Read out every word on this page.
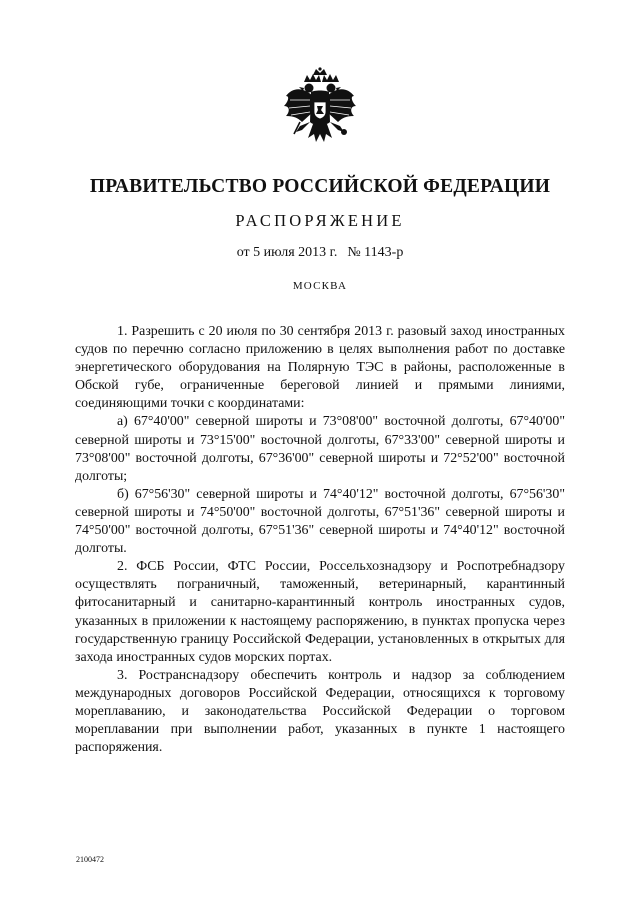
ПРАВИТЕЛЬСТВО РОССИЙСКОЙ ФЕДЕРАЦИИ
РАСПОРЯЖЕНИЕ
от 5 июля 2013 г. № 1143-р
МОСКВА

1. Разрешить с 20 июля по 30 сентября 2013 г. разовый заход иностранных судов по перечню согласно приложению в целях выполнения работ по доставке энергетического оборудования на Полярную ТЭС в районы, расположенные в Обской губе, ограниченные береговой линией и прямыми линиями, соединяющими точки с координатами:

а) 67°40'00" северной широты и 73°08'00" восточной долготы, 67°40'00" северной широты и 73°15'00" восточной долготы, 67°33'00" северной широты и 73°08'00" восточной долготы, 67°36'00" северной широты и 72°52'00" восточной долготы;

б) 67°56'30" северной широты и 74°40'12" восточной долготы, 67°56'30" северной широты и 74°50'00" восточной долготы, 67°51'36" северной широты и 74°50'00" восточной долготы, 67°51'36" северной широты и 74°40'12" восточной долготы.

2. ФСБ России, ФТС России, Россельхознадзору и Роспотребнадзору осуществлять пограничный, таможенный, ветеринарный, карантинный фитосанитарный и санитарно-карантинный контроль иностранных судов, указанных в приложении к настоящему распоряжению, в пунктах пропуска через государственную границу Российской Федерации, установленных в открытых для захода иностранных судов морских портах.

3. Ространснадзору обеспечить контроль и надзор за соблюдением международных договоров Российской Федерации, относящихся к торговому мореплаванию, и законодательства Российской Федерации о торговом мореплавании при выполнении работ, указанных в пункте 1 настоящего распоряжения.

2100472
